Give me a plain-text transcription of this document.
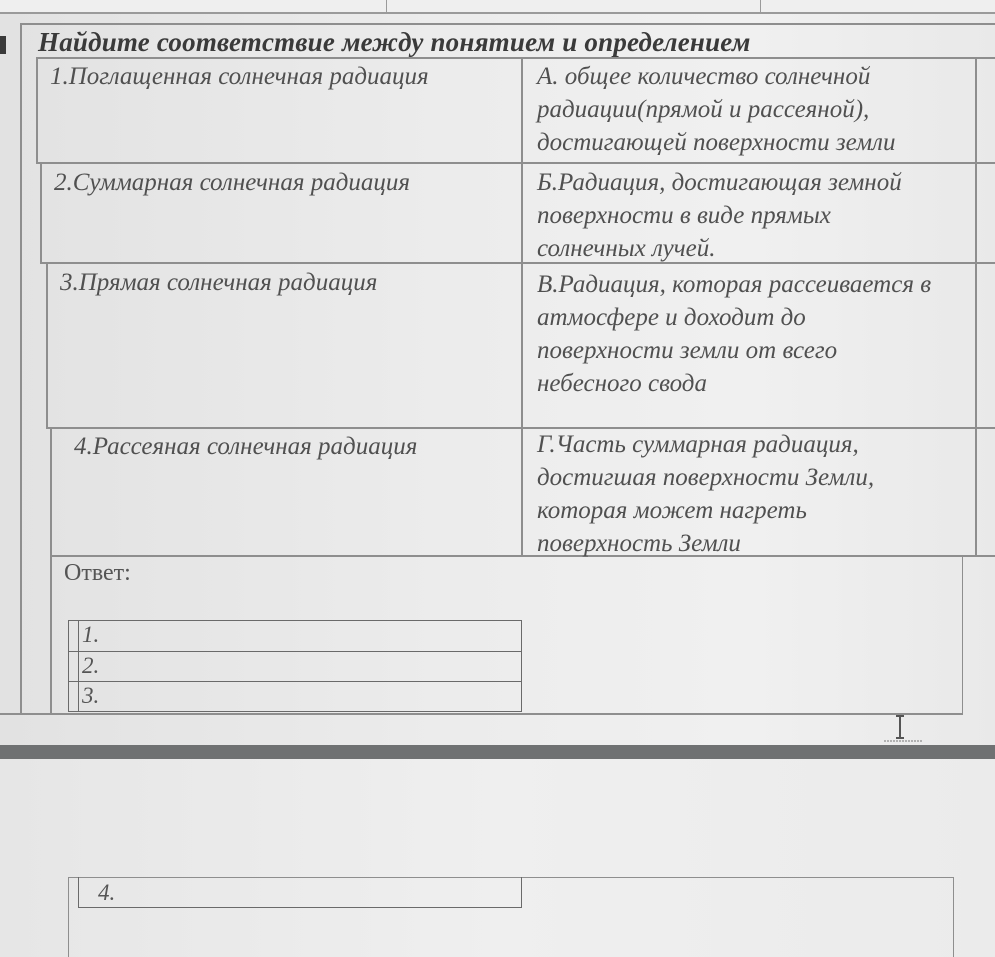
Найдите соответствие между понятием и определением
1.Поглащенная солнечная радиация
2.Суммарная солнечная радиация
3.Прямая солнечная радиация
4.Рассеяная солнечная радиация
А. общее количество солнечной
радиации(прямой и рассеяной),
достигающей поверхности земли
Б.Радиация, достигающая земной
поверхности в виде прямых
солнечных лучей.
В.Радиация, которая рассеивается в
атмосфере и доходит до
поверхности земли от всего
небесного свода
Г.Часть суммарная радиация,
достигшая поверхности Земли,
которая может нагреть
поверхность Земли
Ответ:
1.
2.
3.
4.
